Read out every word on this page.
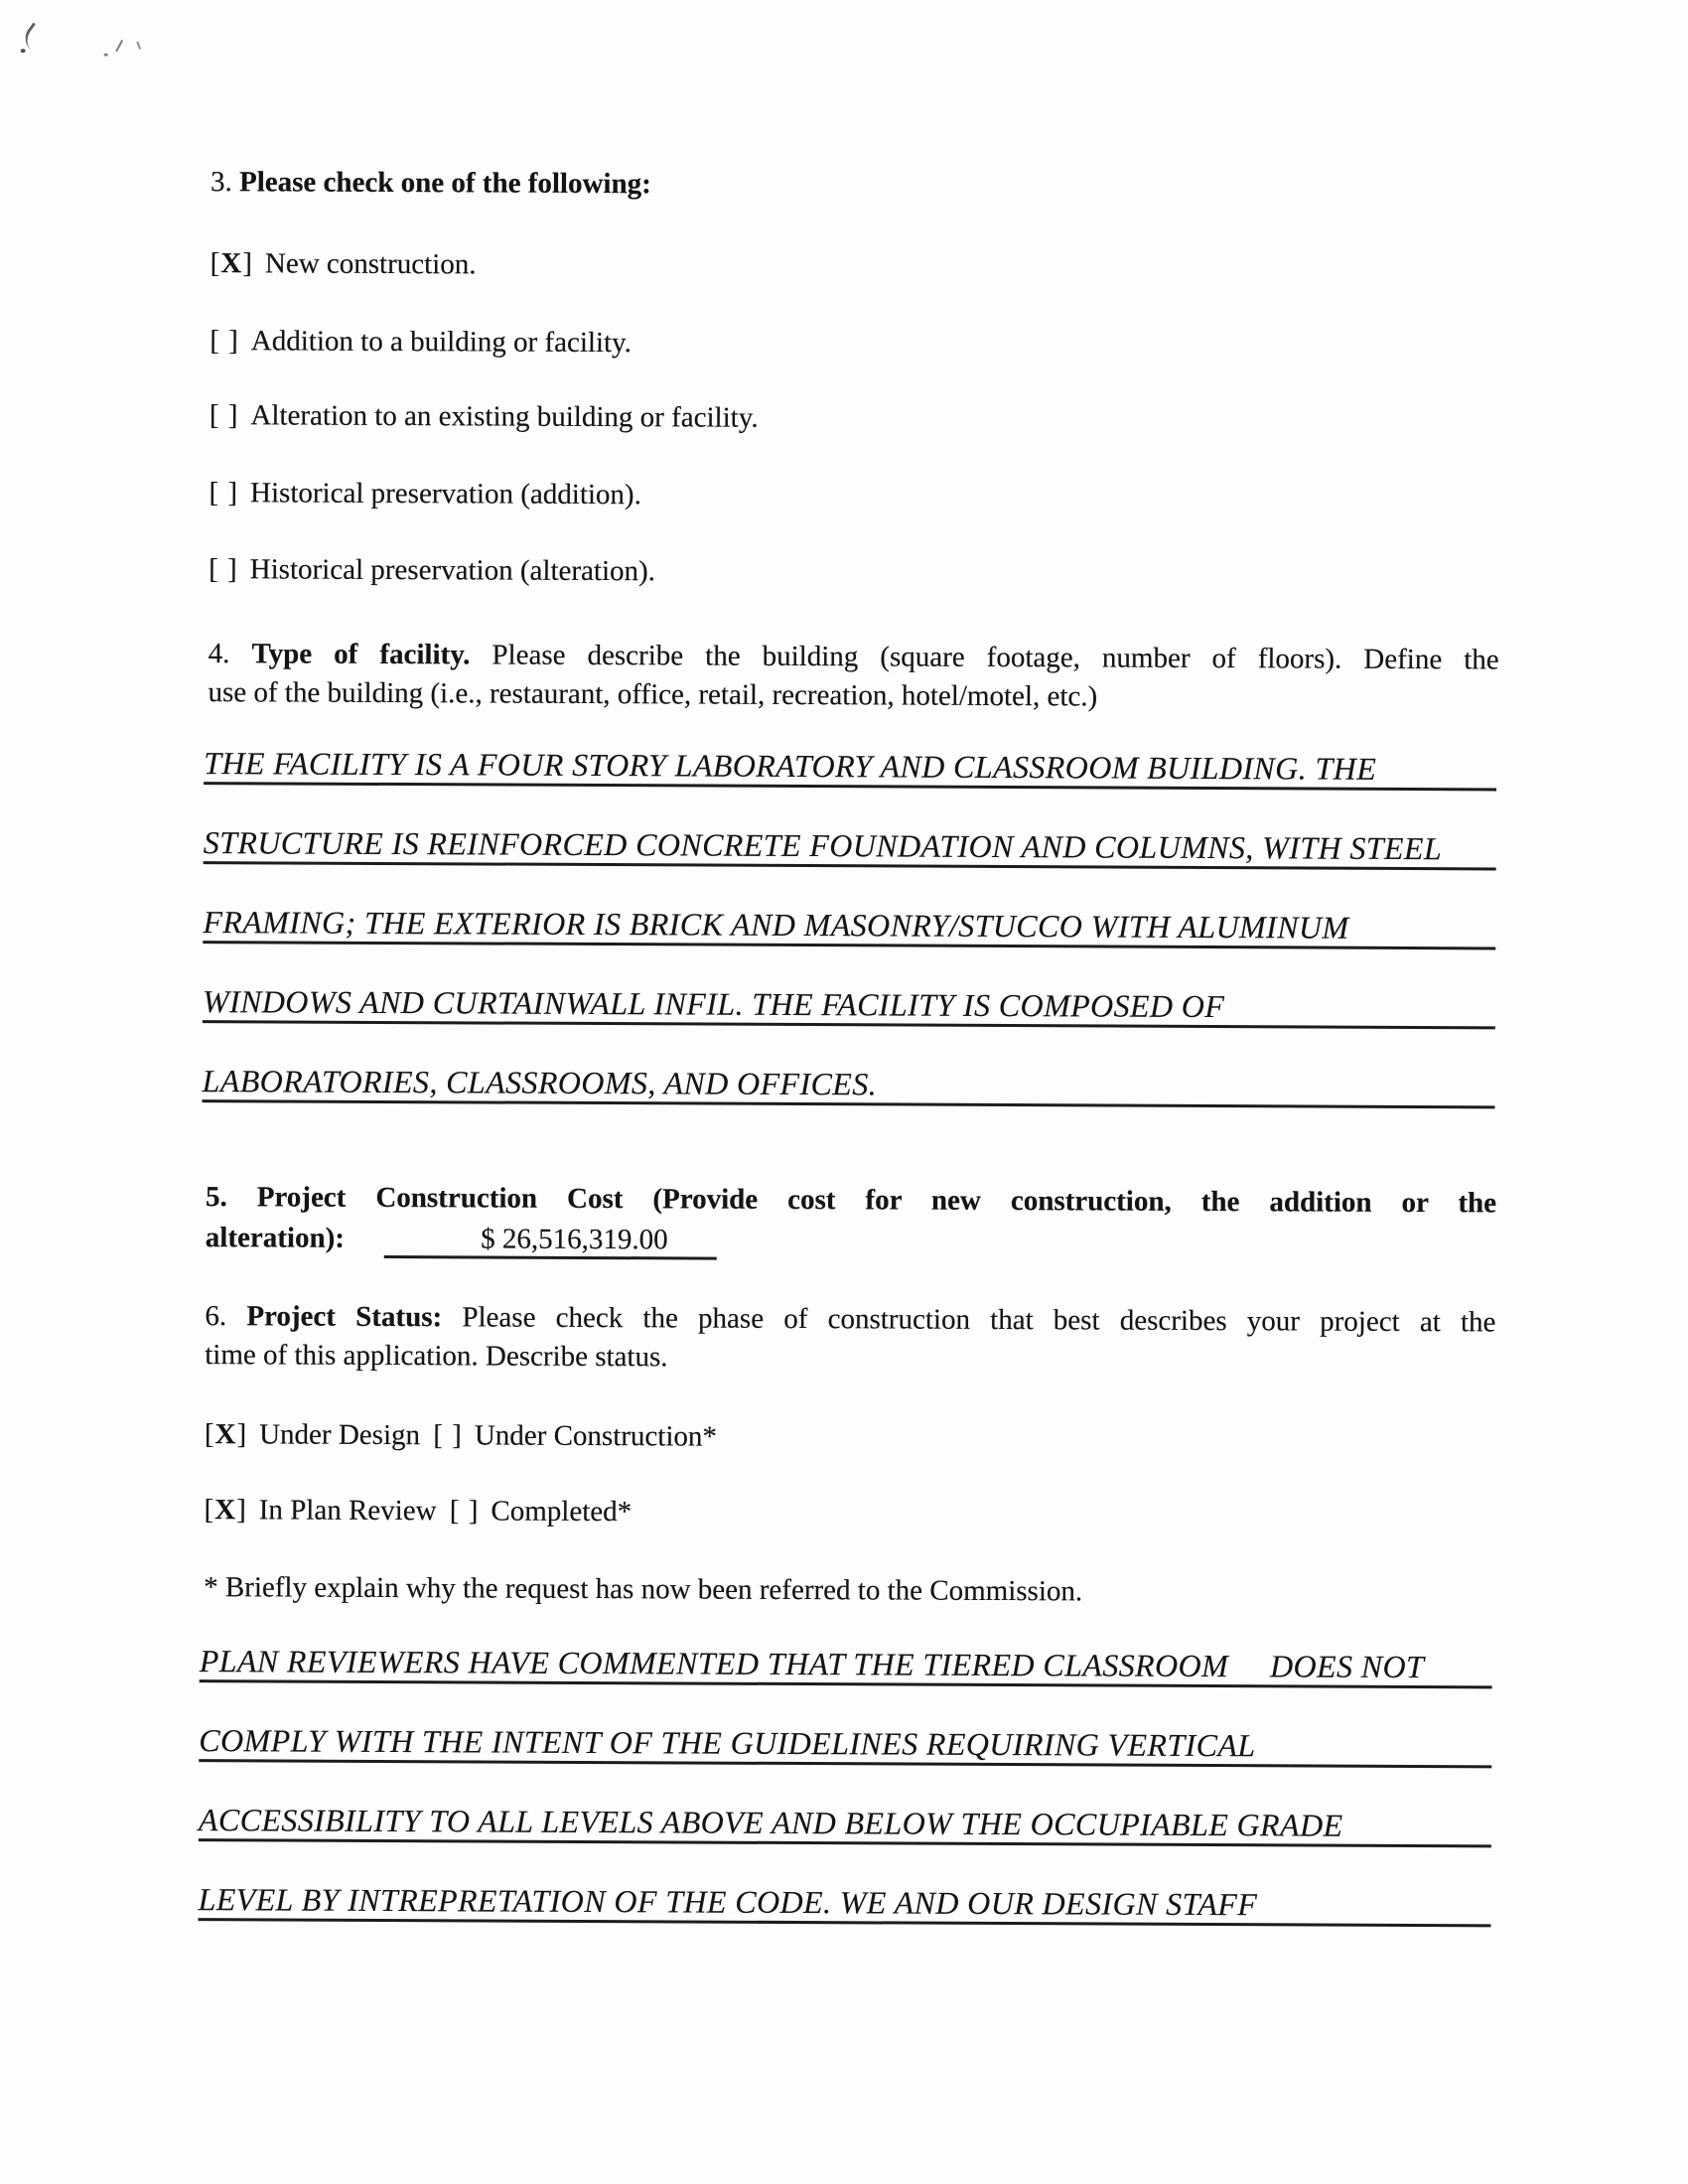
3. Please check one of the following:
[X] New construction.
[ ] Addition to a building or facility.
[ ] Alteration to an existing building or facility.
[ ] Historical preservation (addition).
[ ] Historical preservation (alteration).
4. Type of facility. Please describe the building (square footage, number of floors). Define the
use of the building (i.e., restaurant, office, retail, recreation, hotel/motel, etc.)
THE FACILITY IS A FOUR STORY LABORATORY AND CLASSROOM BUILDING. THE
STRUCTURE IS REINFORCED CONCRETE FOUNDATION AND COLUMNS, WITH STEEL
FRAMING; THE EXTERIOR IS BRICK AND MASONRY/STUCCO WITH ALUMINUM
WINDOWS AND CURTAINWALL INFIL. THE FACILITY IS COMPOSED OF
LABORATORIES, CLASSROOMS, AND OFFICES.
5. Project Construction Cost (Provide cost for new construction, the addition or the
alteration):	$ 26,516,319.00
6. Project Status: Please check the phase of construction that best describes your project at the
time of this application. Describe status.
[X] Under Design [ ] Under Construction*
[X] In Plan Review [ ] Completed*
* Briefly explain why the request has now been referred to the Commission.
PLAN REVIEWERS HAVE COMMENTED THAT THE TIERED CLASSROOM     DOES NOT
COMPLY WITH THE INTENT OF THE GUIDELINES REQUIRING VERTICAL
ACCESSIBILITY TO ALL LEVELS ABOVE AND BELOW THE OCCUPIABLE GRADE
LEVEL BY INTREPRETATION OF THE CODE. WE AND OUR DESIGN STAFF
